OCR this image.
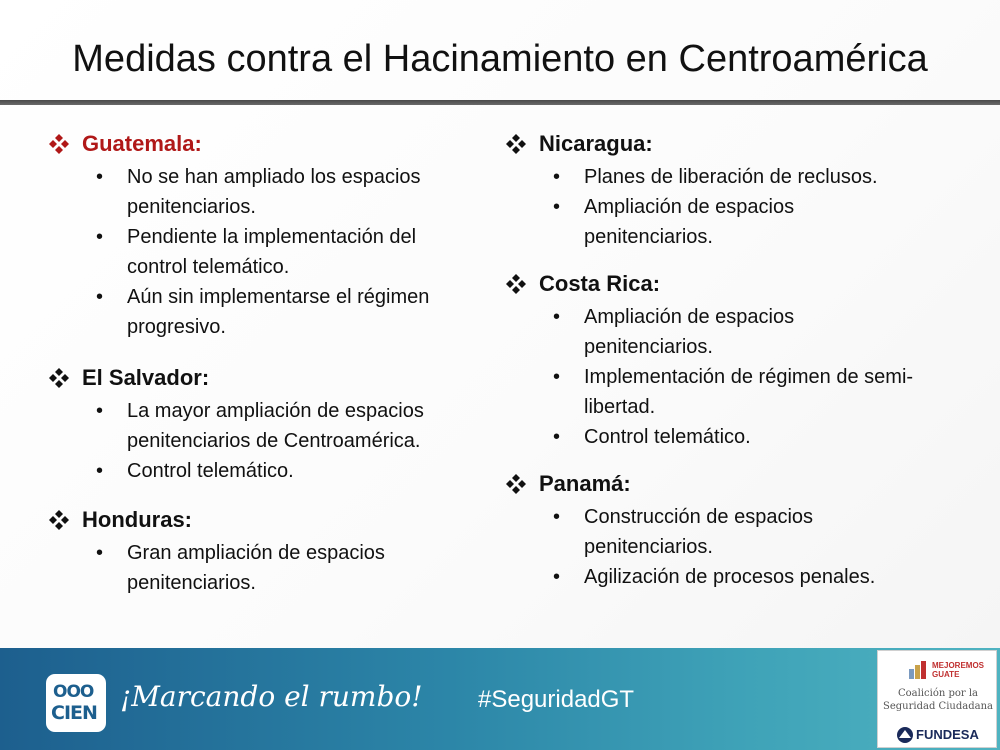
Medidas contra el Hacinamiento en Centroamérica
Guatemala:
• No se han ampliado los espacios
penitenciarios.
• Pendiente la implementación del
control telemático.
• Aún sin implementarse el régimen
progresivo.
El Salvador:
• La mayor ampliación de espacios
penitenciarios de Centroamérica.
• Control telemático.
Honduras:
• Gran ampliación de espacios
penitenciarios.
Nicaragua:
• Planes de liberación de reclusos.
• Ampliación de espacios
penitenciarios.
Costa Rica:
• Ampliación de espacios
penitenciarios.
• Implementación de régimen de semi-
libertad.
• Control telemático.
Panamá:
• Construcción de espacios
penitenciarios.
• Agilización de procesos penales.
OOO
CIEN ¡Marcando el rumbo! #SeguridadGT
MEJOREMOS
GUATE
Coalición por la
Seguridad Ciudadana
FUNDESA
